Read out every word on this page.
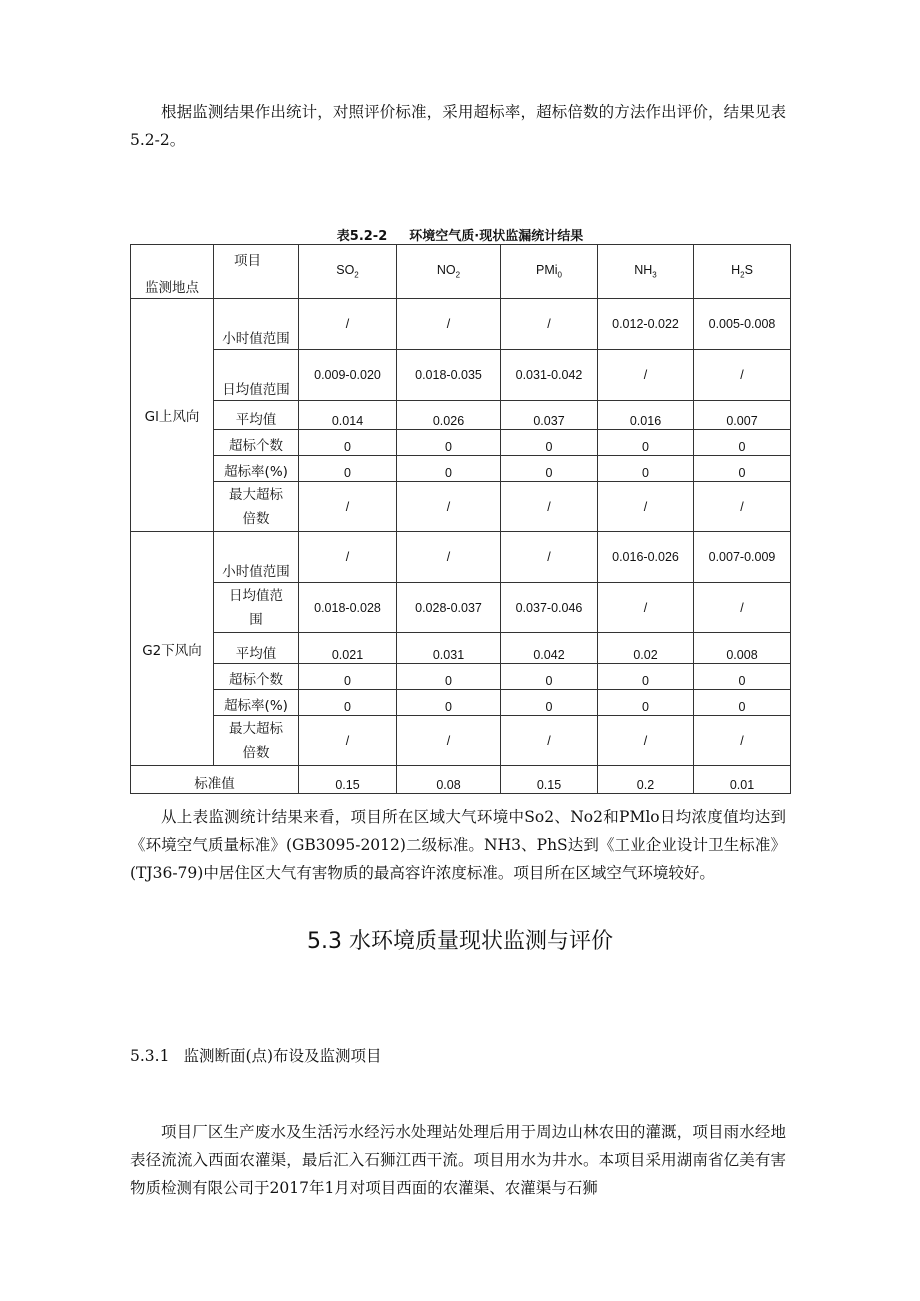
根据监测结果作出统计，对照评价标准，采用超标率，超标倍数的方法作出评价，结果见表5.2-2。

表5.2-2 环境空气质·现状监漏统计结果
监测地点	项目	$SO_2$	$NO_2$	PMi$_0$	$NH_3$	$H_2S$
Gl上风向	小时值范围	/	/	/	0.012-0.022	0.005-0.008
	日均值范围	0.009-0.020	0.018-0.035	0.031-0.042	/	/
	平均值	0.014	0.026	0.037	0.016	0.007
	超标个数	0	0	0	0	0
	超标率(%)	0	0	0	0	0
	最大超标倍数	/	/	/	/	/
G2下风向	小时值范围	/	/	/	0.016-0.026	0.007-0.009
	日均值范围	0.018-0.028	0.028-0.037	0.037-0.046	/	/
	平均值	0.021	0.031	0.042	0.02	0.008
	超标个数	0	0	0	0	0
	超标率(%)	0	0	0	0	0
	最大超标倍数	/	/	/	/	/
标准值		0.15	0.08	0.15	0.2	0.01

从上表监测统计结果来看，项目所在区域大气环境中So2、No2和PMlo日均浓度值均达到《环境空气质量标准》(GB3095-2012)二级标准。NH3、PhS达到《工业企业设计卫生标准》(TJ36-79)中居住区大气有害物质的最高容许浓度标准。项目所在区域空气环境较好。

5.3 水环境质量现状监测与评价
5.3.1 监测断面(点)布设及监测项目

项目厂区生产废水及生活污水经污水处理站处理后用于周边山林农田的灌溉，项目雨水经地表径流流入西面农灌渠，最后汇入石狮江西干流。项目用水为井水。本项目采用湖南省亿美有害物质检测有限公司于2017年1月对项目西面的农灌渠、农灌渠与石狮
